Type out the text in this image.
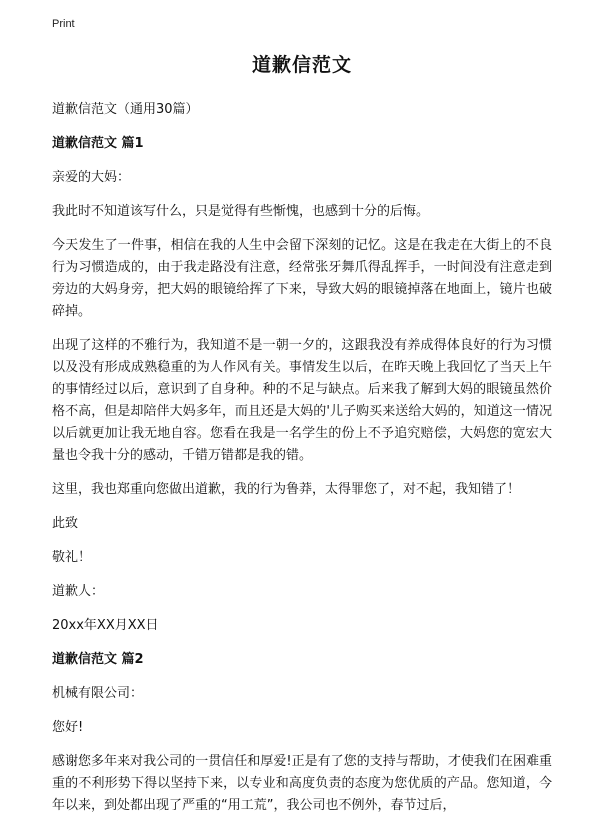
Print
道歉信范文

道歉信范文（通用30篇）

道歉信范文 篇1

亲爱的大妈：

我此时不知道该写什么，只是觉得有些惭愧，也感到十分的后悔。

今天发生了一件事，相信在我的人生中会留下深刻的记忆。这是在我走在大街上的不良行为习惯造成的，由于我走路没有注意，经常张牙舞爪得乱挥手，一时间没有注意走到旁边的大妈身旁，把大妈的眼镜给挥了下来，导致大妈的眼镜掉落在地面上，镜片也破碎掉。

出现了这样的不雅行为，我知道不是一朝一夕的，这跟我没有养成得体良好的行为习惯以及没有形成成熟稳重的为人作风有关。事情发生以后，在昨天晚上我回忆了当天上午的事情经过以后，意识到了自身种。种的不足与缺点。后来我了解到大妈的眼镜虽然价格不高，但是却陪伴大妈多年，而且还是大妈的'儿子购买来送给大妈的，知道这一情况以后就更加让我无地自容。您看在我是一名学生的份上不予追究赔偿，大妈您的宽宏大量也令我十分的感动，千错万错都是我的错。

这里，我也郑重向您做出道歉，我的行为鲁莽，太得罪您了，对不起，我知错了！

此致

敬礼！

道歉人：

20xx年XX月XX日

道歉信范文 篇2

机械有限公司：

您好!

感谢您多年来对我公司的一贯信任和厚爱!正是有了您的支持与帮助，才使我们在困难重重的不利形势下得以坚持下来，以专业和高度负责的态度为您优质的产品。您知道，今年以来，到处都出现了严重的“用工荒”，我公司也不例外，春节过后，
